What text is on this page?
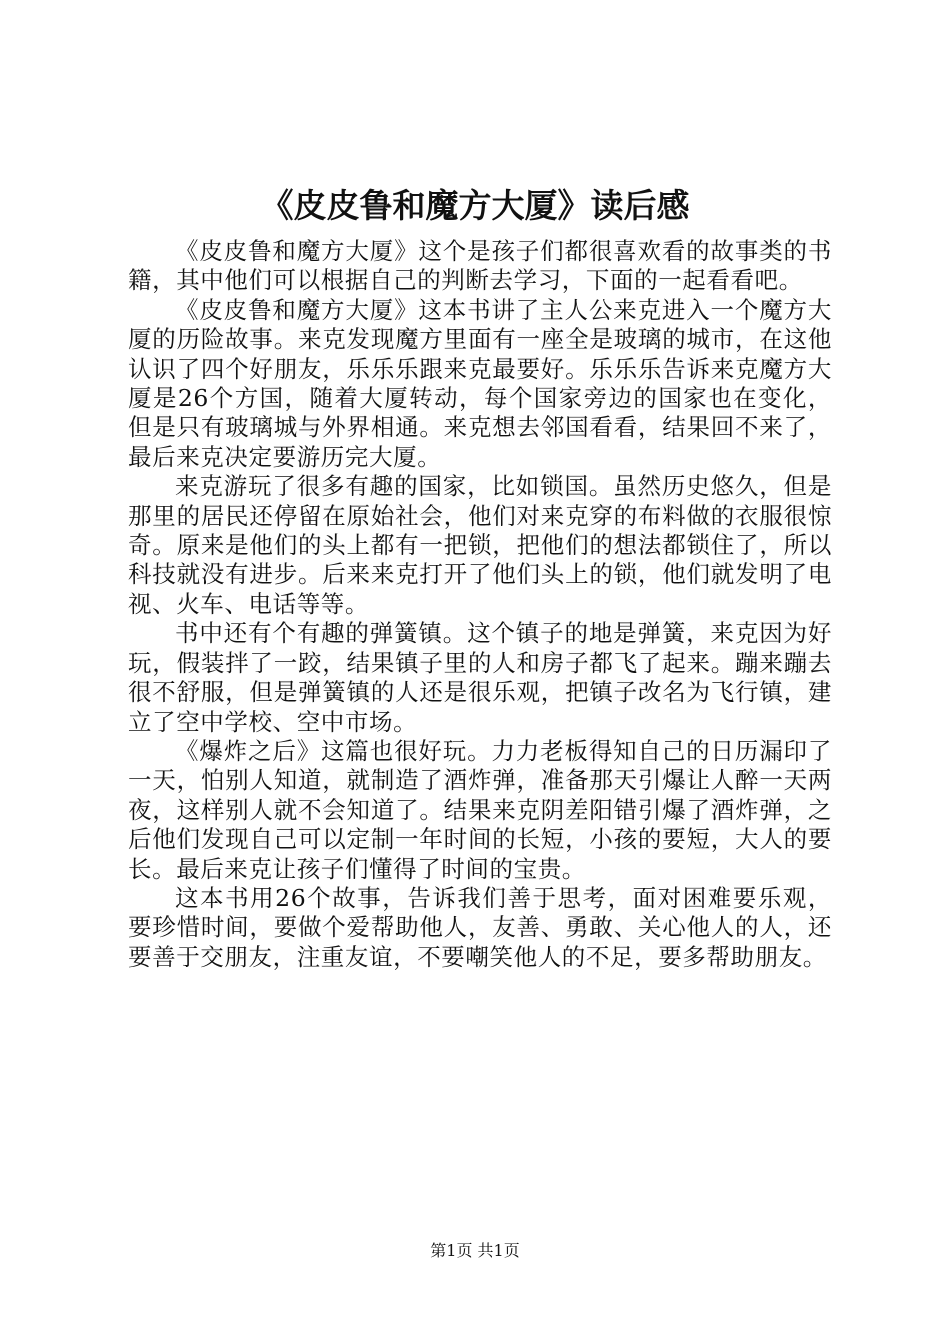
《皮皮鲁和魔方大厦》读后感

《皮皮鲁和魔方大厦》这个是孩子们都很喜欢看的故事类的书籍，其中他们可以根据自己的判断去学习，下面的一起看看吧。

《皮皮鲁和魔方大厦》这本书讲了主人公来克进入一个魔方大厦的历险故事。来克发现魔方里面有一座全是玻璃的城市，在这他认识了四个好朋友，乐乐乐跟来克最要好。乐乐乐告诉来克魔方大厦是26个方国，随着大厦转动，每个国家旁边的国家也在变化，但是只有玻璃城与外界相通。来克想去邻国看看，结果回不来了，最后来克决定要游历完大厦。

来克游玩了很多有趣的国家，比如锁国。虽然历史悠久，但是那里的居民还停留在原始社会，他们对来克穿的布料做的衣服很惊奇。原来是他们的头上都有一把锁，把他们的想法都锁住了，所以科技就没有进步。后来来克打开了他们头上的锁，他们就发明了电视、火车、电话等等。

书中还有个有趣的弹簧镇。这个镇子的地是弹簧，来克因为好玩，假装拌了一跤，结果镇子里的人和房子都飞了起来。蹦来蹦去很不舒服，但是弹簧镇的人还是很乐观，把镇子改名为飞行镇，建立了空中学校、空中市场。

《爆炸之后》这篇也很好玩。力力老板得知自己的日历漏印了一天，怕别人知道，就制造了酒炸弹，准备那天引爆让人醉一天两夜，这样别人就不会知道了。结果来克阴差阳错引爆了酒炸弹，之后他们发现自己可以定制一年时间的长短，小孩的要短，大人的要长。最后来克让孩子们懂得了时间的宝贵。

这本书用26个故事，告诉我们善于思考，面对困难要乐观，要珍惜时间，要做个爱帮助他人，友善、勇敢、关心他人的人，还要善于交朋友，注重友谊，不要嘲笑他人的不足，要多帮助朋友。

第1页 共1页
